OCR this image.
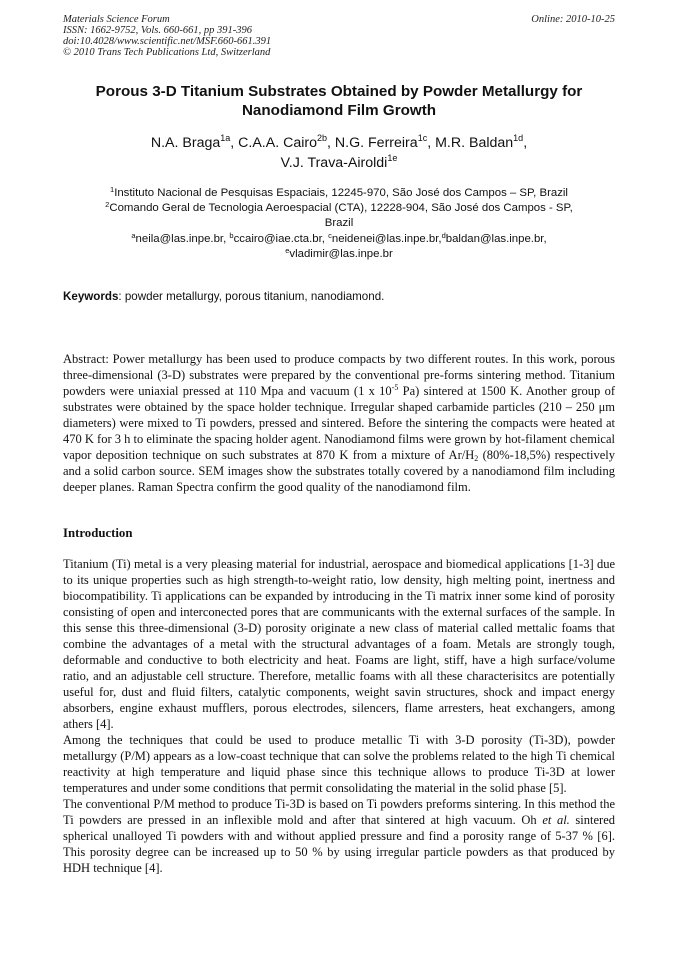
Materials Science Forum
ISSN: 1662-9752, Vols. 660-661, pp 391-396
doi:10.4028/www.scientific.net/MSF.660-661.391
© 2010 Trans Tech Publications Ltd, Switzerland
Online: 2010-10-25
Porous 3-D Titanium Substrates Obtained by Powder Metallurgy for
Nanodiamond Film Growth
N.A. Braga$^{1a}$, C.A.A. Cairo$^{2b}$, N.G. Ferreira$^{1c}$, M.R. Baldan$^{1d}$,
V.J. Trava-Airoldi$^{1e}$
$^1$Instituto Nacional de Pesquisas Espaciais, 12245-970, São José dos Campos – SP, Brazil
$^2$Comando Geral de Tecnologia Aeroespacial (CTA), 12228-904, São José dos Campos - SP,
Brazil
$^a$neila@las.inpe.br, $^b$ccairo@iae.cta.br, $^c$neidenei@las.inpe.br,$^d$baldan@las.inpe.br,
$^e$vladimir@las.inpe.br
Keywords: powder metallurgy, porous titanium, nanodiamond.
Abstract: Power metallurgy has been used to produce compacts by two different routes. In this work, porous three-dimensional (3-D) substrates were prepared by the conventional pre-forms sintering method. Titanium powders were uniaxial pressed at 110 Mpa and vacuum (1 x $10^{-5}$ Pa) sintered at 1500 K. Another group of substrates were obtained by the space holder technique. Irregular shaped carbamide particles (210 – 250 μm diameters) were mixed to Ti powders, pressed and sintered. Before the sintering the compacts were heated at 470 K for 3 h to eliminate the spacing holder agent. Nanodiamond films were grown by hot-filament chemical vapor deposition technique on such substrates at 870 K from a mixture of $Ar/H_2$ (80%-18,5%) respectively and a solid carbon source. SEM images show the substrates totally covered by a nanodiamond film including deeper planes. Raman Spectra confirm the good quality of the nanodiamond film.
Introduction

Titanium (Ti) metal is a very pleasing material for industrial, aerospace and biomedical applications [1-3] due to its unique properties such as high strength-to-weight ratio, low density, high melting point, inertness and biocompatibility. Ti applications can be expanded by introducing in the Ti matrix inner some kind of porosity consisting of open and interconected pores that are communicants with the external surfaces of the sample. In this sense this three-dimensional (3-D) porosity originate a new class of material called mettalic foams that combine the advantages of a metal with the structural advantages of a foam. Metals are strongly tough, deformable and conductive to both electricity and heat. Foams are light, stiff, have a high surface/volume ratio, and an adjustable cell structure. Therefore, metallic foams with all these characterisitcs are potentially useful for, dust and fluid filters, catalytic components, weight savin structures, shock and impact energy absorbers, engine exhaust mufflers, porous electrodes, silencers, flame arresters, heat exchangers, among athers [4].

Among the techniques that could be used to produce metallic Ti with 3-D porosity (Ti-3D), powder metallurgy (P/M) appears as a low-coast technique that can solve the problems related to the high Ti chemical reactivity at high temperature and liquid phase since this technique allows to produce Ti-3D at lower temperatures and under some conditions that permit consolidating the material in the solid phase [5].

The conventional P/M method to produce Ti-3D is based on Ti powders preforms sintering. In this method the Ti powders are pressed in an inflexible mold and after that sintered at high vacuum. Oh et al. sintered spherical unalloyed Ti powders with and without applied pressure and find a porosity range of 5-37 % [6]. This porosity degree can be increased up to 50 % by using irregular particle powders as that produced by HDH technique [4].
